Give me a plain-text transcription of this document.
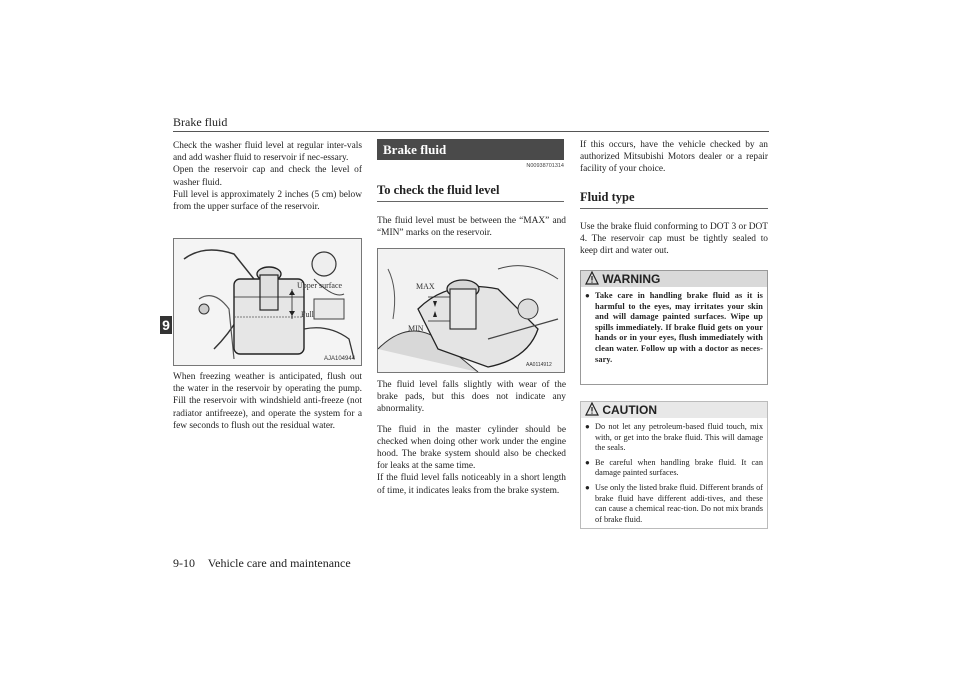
Brake fluid
9

Check the washer fluid level at regular inter-vals and add washer fluid to reservoir if nec-essary.

Open the reservoir cap and check the level of washer fluid.

Full level is approximately 2 inches (5 cm) below from the upper surface of the reservoir.

Upper surface
Full
AJA104944

When freezing weather is anticipated, flush out the water in the reservoir by operating the pump. Fill the reservoir with windshield anti-freeze (not radiator antifreeze), and operate the system for a few seconds to flush out the residual water.

Brake fluid
N00938701314
To check the fluid level

The fluid level must be between the “MAX” and “MIN” marks on the reservoir.

MAX
MIN
AA0114912

The fluid level falls slightly with wear of the brake pads, but this does not indicate any abnormality.

The fluid in the master cylinder should be checked when doing other work under the engine hood. The brake system should also be checked for leaks at the same time.

If the fluid level falls noticeably in a short length of time, it indicates leaks from the brake system.

If this occurs, have the vehicle checked by an authorized Mitsubishi Motors dealer or a repair facility of your choice.

Fluid type

Use the brake fluid conforming to DOT 3 or DOT 4. The reservoir cap must be tightly sealed to keep dirt and water out.

WARNING
● Take care in handling brake fluid as it is harmful to the eyes, may irritates your skin and will damage painted surfaces. Wipe up spills immediately. If brake fluid gets on your hands or in your eyes, flush immediately with clean water. Follow up with a doctor as neces-sary.
CAUTION
● Do not let any petroleum-based fluid touch, mix with, or get into the brake fluid. This will damage the seals.
● Be careful when handling brake fluid. It can damage painted surfaces.
● Use only the listed brake fluid. Different brands of brake fluid have different addi-tives, and these can cause a chemical reac-tion. Do not mix brands of brake fluid.
9-10 Vehicle care and maintenance
